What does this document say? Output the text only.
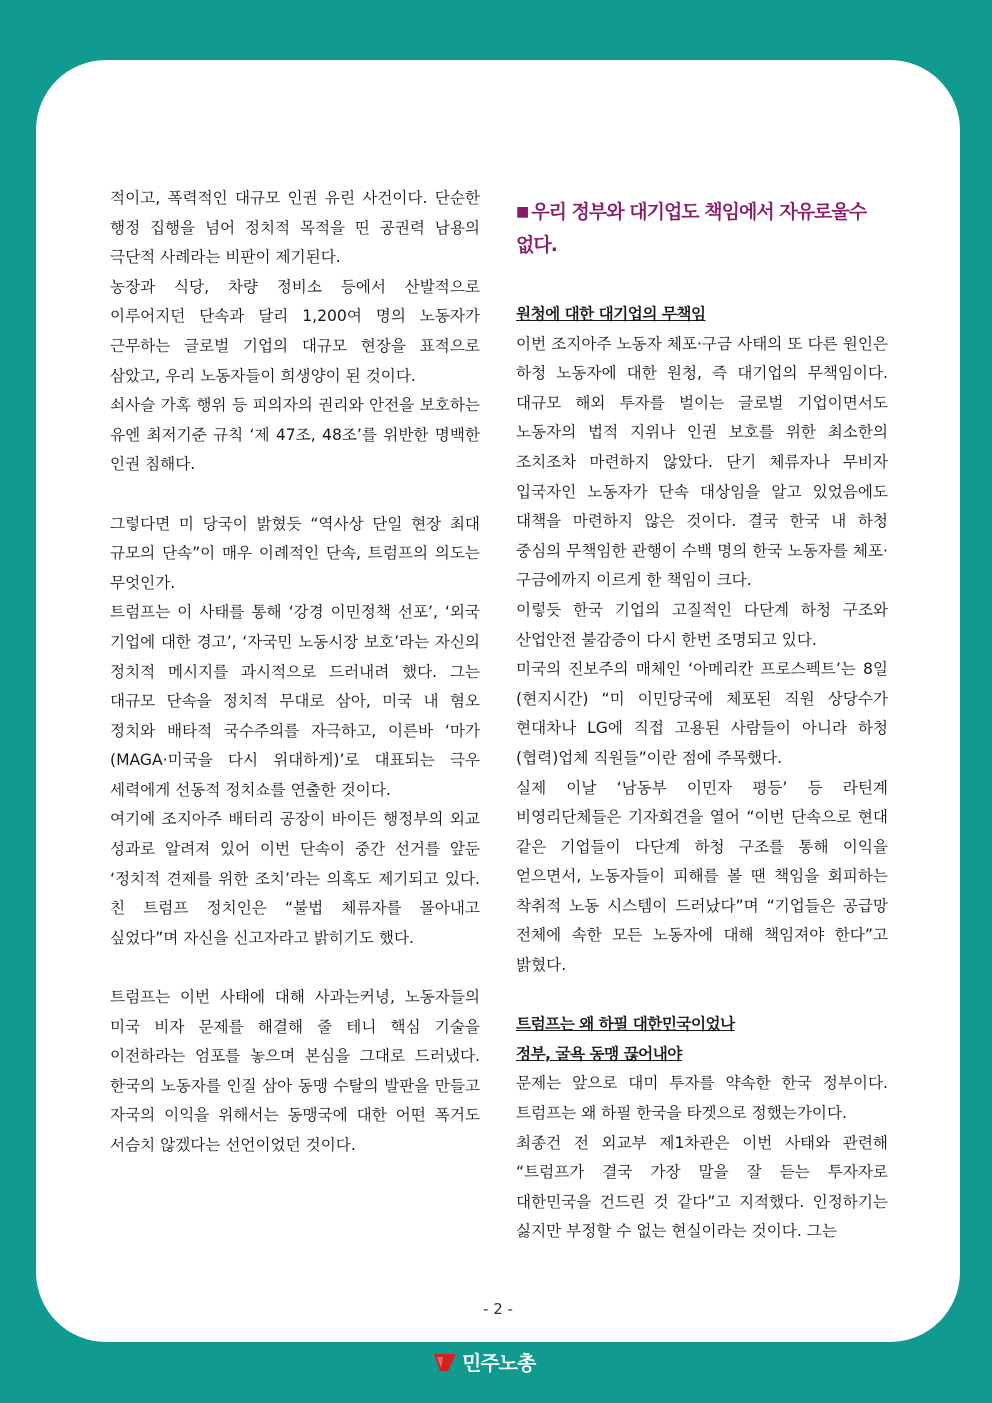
적이고, 폭력적인 대규모 인권 유린 사건이다. 단순한 행정 집행을 넘어 정치적 목적을 띤 공권력 남용의 극단적 사례라는 비판이 제기된다.

농장과 식당, 차량 정비소 등에서 산발적으로 이루어지던 단속과 달리 1,200여 명의 노동자가 근무하는 글로벌 기업의 대규모 현장을 표적으로 삼았고, 우리 노동자들이 희생양이 된 것이다.

쇠사슬 가혹 행위 등 피의자의 권리와 안전을 보호하는 유엔 최저기준 규칙 ‘제 47조, 48조’를 위반한 명백한 인권 침해다.

그렇다면 미 당국이 밝혔듯 “역사상 단일 현장 최대 규모의 단속”이 매우 이례적인 단속, 트럼프의 의도는 무엇인가.

트럼프는 이 사태를 통해 ‘강경 이민정책 선포’, ‘외국 기업에 대한 경고’, ‘자국민 노동시장 보호’라는 자신의 정치적 메시지를 과시적으로 드러내려 했다. 그는 대규모 단속을 정치적 무대로 삼아, 미국 내 혐오 정치와 배타적 국수주의를 자극하고, 이른바 ‘마가(MAGA·미국을 다시 위대하게)’로 대표되는 극우 세력에게 선동적 정치쇼를 연출한 것이다.

여기에 조지아주 배터리 공장이 바이든 행정부의 외교 성과로 알려져 있어 이번 단속이 중간 선거를 앞둔 ‘정치적 견제를 위한 조치’라는 의혹도 제기되고 있다. 친 트럼프 정치인은 “불법 체류자를 몰아내고 싶었다”며 자신을 신고자라고 밝히기도 했다.

트럼프는 이번 사태에 대해 사과는커녕, 노동자들의 미국 비자 문제를 해결해 줄 테니 핵심 기술을 이전하라는 엄포를 놓으며 본심을 그대로 드러냈다. 한국의 노동자를 인질 삼아 동맹 수탈의 발판을 만들고 자국의 이익을 위해서는 동맹국에 대한 어떤 폭거도 서슴치 않겠다는 선언이었던 것이다.

■ 우리 정부와 대기업도 책임에서 자유로울수 없다.

원청에 대한 대기업의 무책임

이번 조지아주 노동자 체포·구금 사태의 또 다른 원인은 하청 노동자에 대한 원청, 즉 대기업의 무책임이다. 대규모 해외 투자를 벌이는 글로벌 기업이면서도 노동자의 법적 지위나 인권 보호를 위한 최소한의 조치조차 마련하지 않았다. 단기 체류자나 무비자 입국자인 노동자가 단속 대상임을 알고 있었음에도 대책을 마련하지 않은 것이다. 결국 한국 내 하청 중심의 무책임한 관행이 수백 명의 한국 노동자를 체포·구금에까지 이르게 한 책임이 크다.

이렇듯 한국 기업의 고질적인 다단계 하청 구조와 산업안전 불감증이 다시 한번 조명되고 있다.

미국의 진보주의 매체인 ‘아메리칸 프로스펙트’는 8일(현지시간) “미 이민당국에 체포된 직원 상당수가 현대차나 LG에 직접 고용된 사람들이 아니라 하청(협력)업체 직원들”이란 점에 주목했다.

실제 이날 ‘남동부 이민자 평등’ 등 라틴계 비영리단체들은 기자회견을 열어 “이번 단속으로 현대 같은 기업들이 다단계 하청 구조를 통해 이익을 얻으면서, 노동자들이 피해를 볼 땐 책임을 회피하는 착취적 노동 시스템이 드러났다”며 “기업들은 공급망 전체에 속한 모든 노동자에 대해 책임져야 한다”고 밝혔다.

트럼프는 왜 하필 대한민국이었나

정부, 굴욕 동맹 끊어내야

문제는 앞으로 대미 투자를 약속한 한국 정부이다. 트럼프는 왜 하필 한국을 타겟으로 정했는가이다.

최종건 전 외교부 제1차관은 이번 사태와 관련해 “트럼프가 결국 가장 말을 잘 듣는 투자자로 대한민국을 건드린 것 같다”고 지적했다. 인정하기는 싫지만 부정할 수 없는 현실이라는 것이다. 그는

- 2 -
민주노총
